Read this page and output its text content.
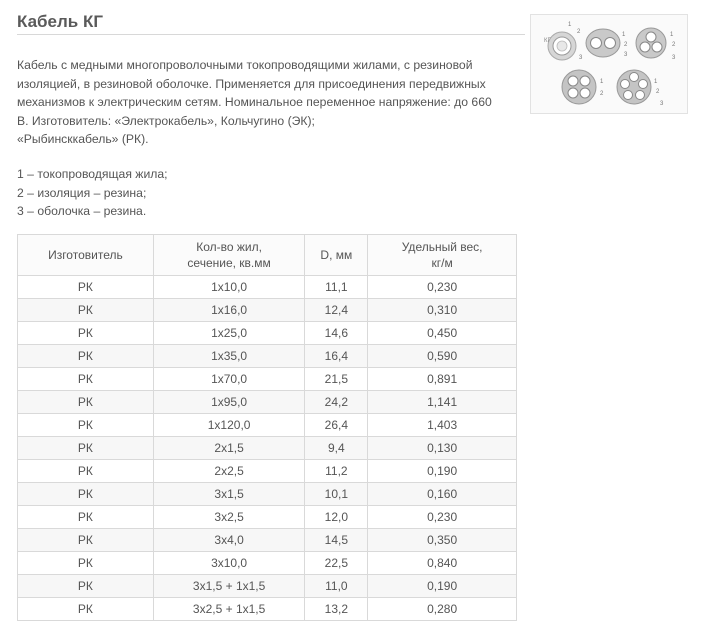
Кабель КГ
Кабель с медными многопроволочными токопроводящими жилами, с резиновой
изоляцией, в резиновой оболочке. Применяется для присоединения передвижных
механизмов к электрическим сетям. Номинальное переменное напряжение: до 660
В. Изготовитель: «Электрокабель», Кольчугино (ЭК);
«Рыбинсккабель» (РК).
1 – токопроводящая жила;
2 – изоляция – резина;
3 – оболочка – резина.
КГ
1
2
3
1
2
3
1
2
3
1
2
1
2
3
Изготовитель	Кол-во жил,
сечение, кв.мм	D, мм	Удельный вес,
кг/м
РК	1х10,0	11,1	0,230
РК	1х16,0	12,4	0,310
РК	1х25,0	14,6	0,450
РК	1х35,0	16,4	0,590
РК	1х70,0	21,5	0,891
РК	1х95,0	24,2	1,141
РК	1х120,0	26,4	1,403
РК	2х1,5	9,4	0,130
РК	2х2,5	11,2	0,190
РК	3х1,5	10,1	0,160
РК	3х2,5	12,0	0,230
РК	3х4,0	14,5	0,350
РК	3х10,0	22,5	0,840
РК	3х1,5 + 1х1,5	11,0	0,190
РК	3х2,5 + 1х1,5	13,2	0,280
